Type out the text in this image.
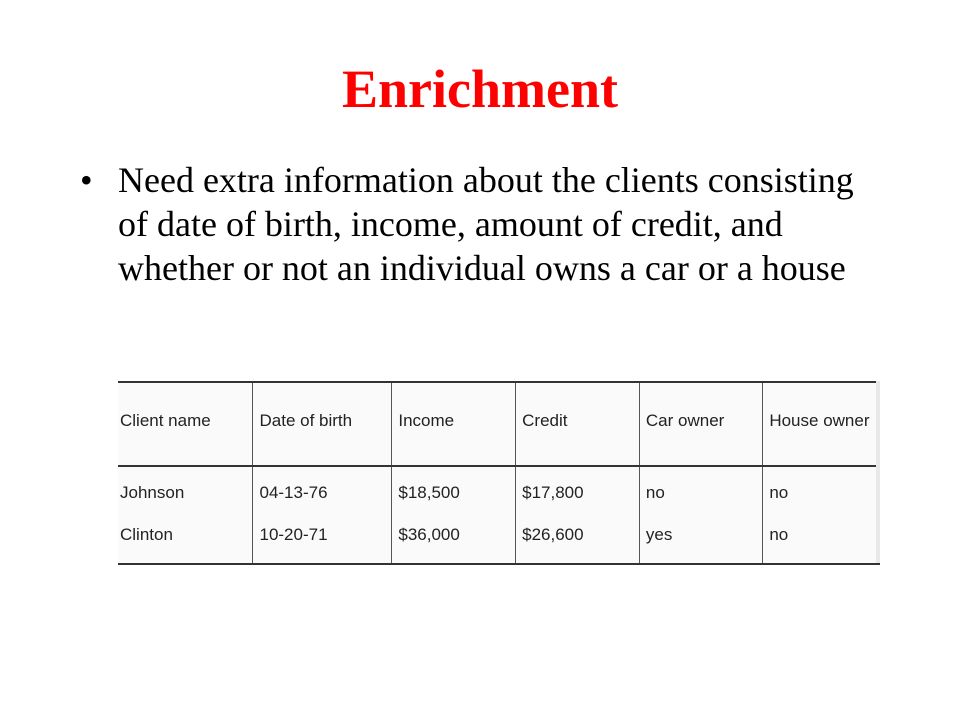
Enrichment
• Need extra information about the clients consisting of date of birth, income, amount of credit, and whether or not an individual owns a car or a house
Client name	Date of birth	Income	Credit	Car owner	House owner
Johnson	04-13-76	$18,500	$17,800	no	no
Clinton	10-20-71	$36,000	$26,600	yes	no
